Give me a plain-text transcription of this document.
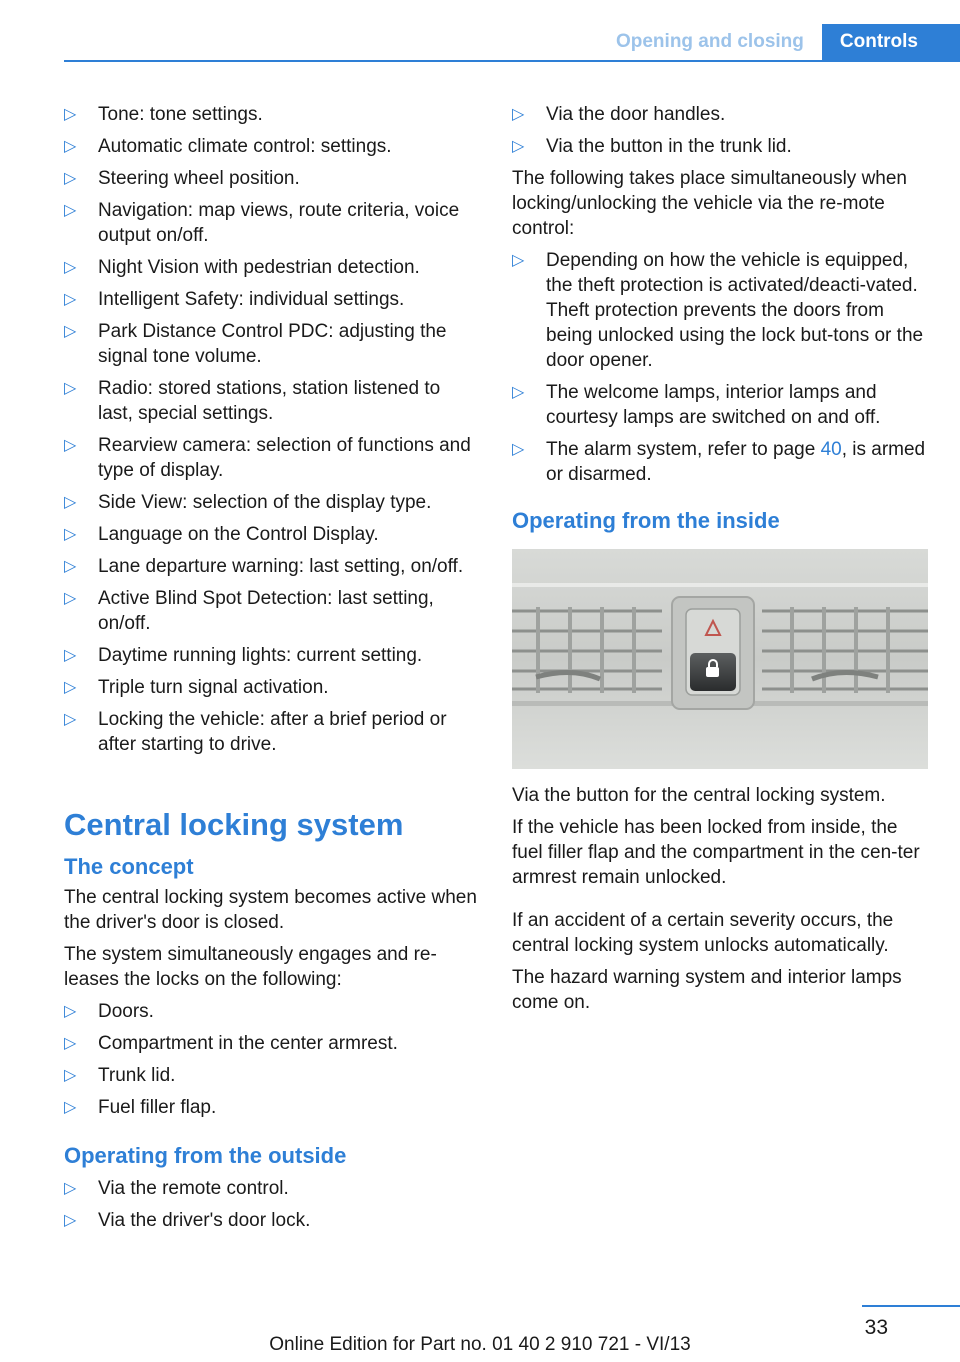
Opening and closing	Controls
▷ Tone: tone settings.
▷ Automatic climate control: settings.
▷ Steering wheel position.
▷ Navigation: map views, route criteria, voice output on/off.
▷ Night Vision with pedestrian detection.
▷ Intelligent Safety: individual settings.
▷ Park Distance Control PDC: adjusting the signal tone volume.
▷ Radio: stored stations, station listened to last, special settings.
▷ Rearview camera: selection of functions and type of display.
▷ Side View: selection of the display type.
▷ Language on the Control Display.
▷ Lane departure warning: last setting, on/off.
▷ Active Blind Spot Detection: last setting, on/off.
▷ Daytime running lights: current setting.
▷ Triple turn signal activation.
▷ Locking the vehicle: after a brief period or after starting to drive.
Central locking system
The concept

The central locking system becomes active when the driver's door is closed.

The system simultaneously engages and re-leases the locks on the following:

▷ Doors.
▷ Compartment in the center armrest.
▷ Trunk lid.
▷ Fuel filler flap.
Operating from the outside
▷ Via the remote control.
▷ Via the driver's door lock.
▷ Via the door handles.
▷ Via the button in the trunk lid.

The following takes place simultaneously when locking/unlocking the vehicle via the re-mote control:

▷ Depending on how the vehicle is equipped, the theft protection is activated/deacti-vated. Theft protection prevents the doors from being unlocked using the lock but-tons or the door opener.
▷ The welcome lamps, interior lamps and courtesy lamps are switched on and off.
▷ The alarm system, refer to page 40, is armed or disarmed.
Operating from the inside

Via the button for the central locking system.

If the vehicle has been locked from inside, the fuel filler flap and the compartment in the cen-ter armrest remain unlocked.

If an accident of a certain severity occurs, the central locking system unlocks automatically.

The hazard warning system and interior lamps come on.

33
Online Edition for Part no. 01 40 2 910 721 - VI/13
